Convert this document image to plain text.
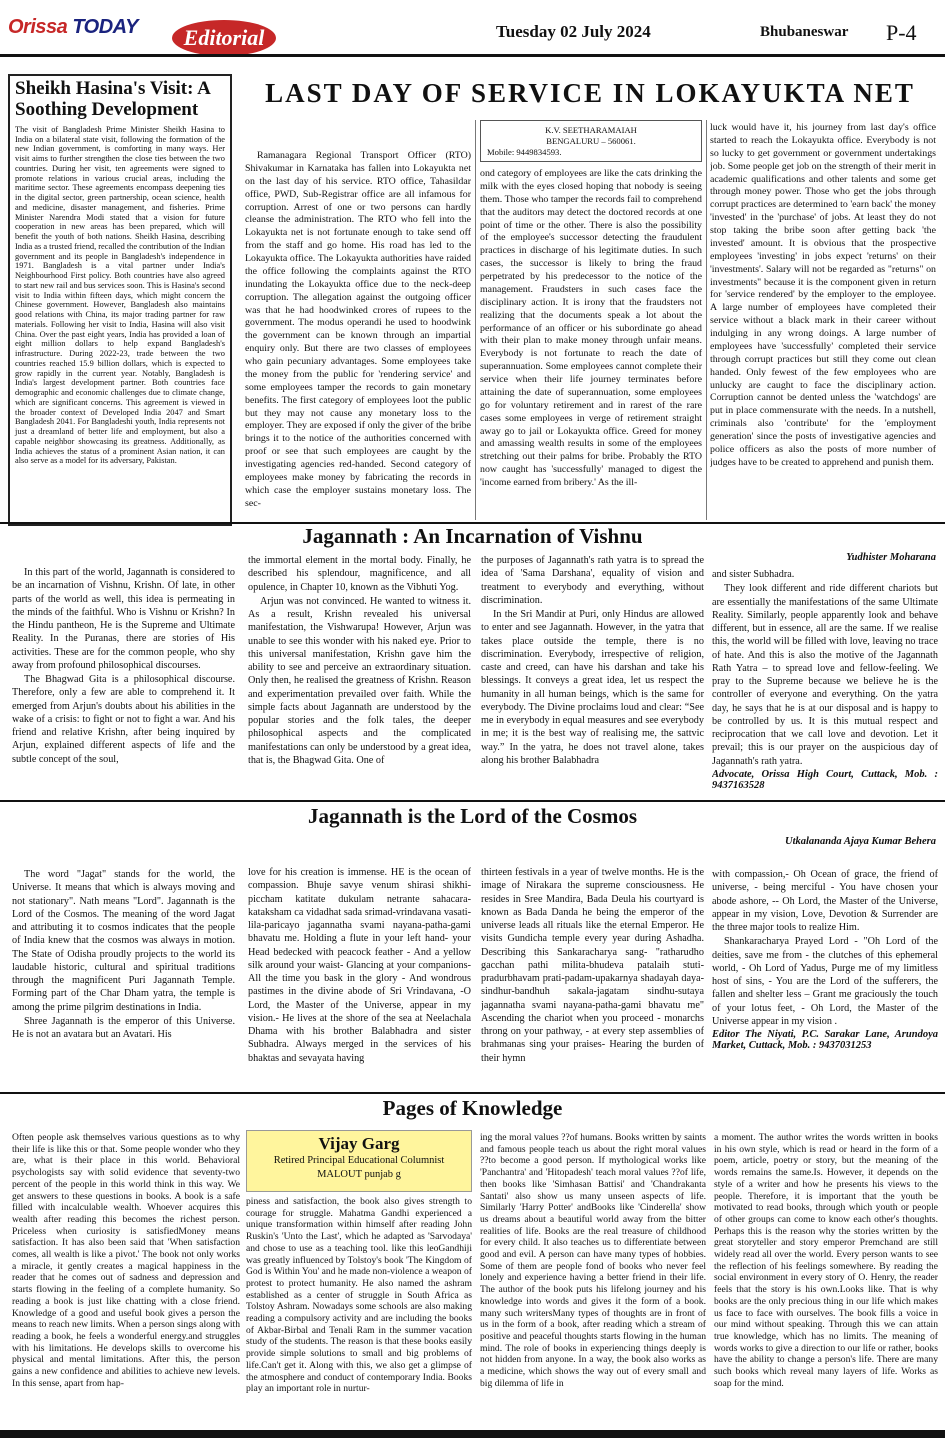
Orissa TODAY	Editorial	Tuesday 02 July 2024	Bhubaneswar P-4
Sheikh Hasina's Visit: A Soothing Development
The visit of Bangladesh Prime Minister Sheikh Hasina to India on a bilateral state visit, following the formation of the new Indian government, is comforting in many ways. Her visit aims to further strengthen the close ties between the two countries. During her visit, ten agreements were signed to promote relations in various crucial areas, including the maritime sector. These agreements encompass deepening ties in the digital sector, green partnership, ocean science, health and medicine, disaster management, and fisheries. Prime Minister Narendra Modi stated that a vision for future cooperation in new areas has been prepared, which will benefit the youth of both nations. Sheikh Hasina, describing India as a trusted friend, recalled the contribution of the Indian government and its people in Bangladesh's independence in 1971. Bangladesh is a vital partner under India's Neighbourhood First policy. Both countries have also agreed to start new rail and bus services soon. This is Hasina's second visit to India within fifteen days, which might concern the Chinese government. However, Bangladesh also maintains good relations with China, its major trading partner for raw materials. Following her visit to India, Hasina will also visit China. Over the past eight years, India has provided a loan of eight million dollars to help expand Bangladesh's infrastructure. During 2022-23, trade between the two countries reached 15.9 billion dollars, which is expected to grow rapidly in the current year. Notably, Bangladesh is India's largest development partner. Both countries face demographic and economic challenges due to climate change, which are significant concerns. This agreement is viewed in the broader context of Developed India 2047 and Smart Bangladesh 2041. For Bangladeshi youth, India represents not just a dreamland of better life and employment, but also a capable neighbor showcasing its greatness. Additionally, as India achieves the status of a prominent Asian nation, it can also serve as a model for its adversary, Pakistan.
LAST DAY OF SERVICE IN LOKAYUKTA NET

Ramanagara Regional Transport Officer (RTO) Shivakumar in Karnataka has fallen into Lokayukta net on the last day of his service. RTO office, Tahasildar office, PWD, Sub-Registrar office are all infamous for corruption. Arrest of one or two persons can hardly cleanse the administration. The RTO who fell into the Lokayukta net is not fortunate enough to take send off from the staff and go home. His road has led to the Lokayukta office. The Lokayukta authorities have raided the office following the complaints against the RTO inundating the Lokayukta office due to the neck-deep corruption. The allegation against the outgoing officer was that he had hoodwinked crores of rupees to the government. The modus operandi he used to hoodwink the government can be known through an impartial enquiry only. But there are two classes of employees who gain pecuniary advantages. Some employees take the money from the public for 'rendering service' and some employees tamper the records to gain monetary benefits. The first category of employees loot the public but they may not cause any monetary loss to the employer. They are exposed if only the giver of the bribe brings it to the notice of the authorities concerned with proof or see that such employees are caught by the investigating agencies red-handed. Second category of employees make money by fabricating the records in which case the employer sustains monetary loss. The sec-

K.V. SEETHARAMAIAH
BENGALURU – 560061.
Mobile: 9449834593.
ond category of employees are like the cats drinking the milk with the eyes closed hoping that nobody is seeing them. Those who tamper the records fail to comprehend that the auditors may detect the doctored records at one point of time or the other. There is also the possibility of the employee's successor detecting the fraudulent practices in discharge of his legitimate duties. In such cases, the successor is likely to bring the fraud perpetrated by his predecessor to the notice of the management. Fraudsters in such cases face the disciplinary action. It is irony that the fraudsters not realizing that the documents speak a lot about the performance of an officer or his subordinate go ahead with their plan to make money through unfair means. Everybody is not fortunate to reach the date of superannuation. Some employees cannot complete their service when their life journey terminates before attaining the date of superannuation, some employees go for voluntary retirement and in rarest of the rare cases some employees in verge of retirement straight away go to jail or Lokayukta office. Greed for money and amassing wealth results in some of the employees stretching out their palms for bribe. Probably the RTO now caught has 'successfully' managed to digest the 'income earned from bribery.' As the ill-
luck would have it, his journey from last day's office started to reach the Lokayukta office. Everybody is not so lucky to get government or government undertakings job. Some people get job on the strength of their merit in academic qualifications and other talents and some get through money power. Those who get the jobs through corrupt practices are determined to 'earn back' the money 'invested' in the 'purchase' of jobs. At least they do not stop taking the bribe soon after getting back 'the invested' amount. It is obvious that the prospective employees 'investing' in jobs expect 'returns' on their 'investments'. Salary will not be regarded as "returns" on investments" because it is the component given in return for 'service rendered' by the employer to the employee. A large number of employees have completed their service without a black mark in their career without indulging in any wrong doings. A large number of employees have 'successfully' completed their service through corrupt practices but still they come out clean handed. Only fewest of the few employees who are unlucky are caught to face the disciplinary action. Corruption cannot be dented unless the 'watchdogs' are put in place commensurate with the needs. In a nutshell, criminals also 'contribute' for the 'employment generation' since the posts of investigative agencies and police officers as also the posts of more number of judges have to be created to apprehend and punish them.
Jagannath : An Incarnation of Vishnu
Yudhister Moharana

In this part of the world, Jagannath is considered to be an incarnation of Vishnu, Krishn. Of late, in other parts of the world as well, this idea is permeating in the minds of the faithful. Who is Vishnu or Krishn? In the Hindu pantheon, He is the Supreme and Ultimate Reality. In the Puranas, there are stories of His activities. These are for the common people, who shy away from profound philosophical discourses.

The Bhagwad Gita is a philosophical discourse. Therefore, only a few are able to comprehend it. It emerged from Arjun's doubts about his abilities in the wake of a crisis: to fight or not to fight a war. And his friend and relative Krishn, after being inquired by Arjun, explained different aspects of life and the subtle concept of the soul,

the immortal element in the mortal body. Finally, he described his splendour, magnificence, and all opulence, in Chapter 10, known as the Vibhuti Yog.

Arjun was not convinced. He wanted to witness it. As a result, Krishn revealed his universal manifestation, the Vishwarupa! However, Arjun was unable to see this wonder with his naked eye. Prior to this universal manifestation, Krishn gave him the ability to see and perceive an extraordinary situation. Only then, he realised the greatness of Krishn. Reason and experimentation prevailed over faith. While the simple facts about Jagannath are understood by the popular stories and the folk tales, the deeper philosophical aspects and the complicated manifestations can only be understood by a great idea, that is, the Bhagwad Gita. One of

the purposes of Jagannath's rath yatra is to spread the idea of 'Sama Darshana', equality of vision and treatment to everybody and everything, without discrimination.

In the Sri Mandir at Puri, only Hindus are allowed to enter and see Jagannath. However, in the yatra that takes place outside the temple, there is no discrimination. Everybody, irrespective of religion, caste and creed, can have his darshan and take his blessings. It conveys a great idea, let us respect the humanity in all human beings, which is the same for everybody. The Divine proclaims loud and clear: “See me in everybody in equal measures and see everybody in me; it is the best way of realising me, the sattvic way.” In the yatra, he does not travel alone, takes along his brother Balabhadra

and sister Subhadra.

They look different and ride different chariots but are essentially the manifestations of the same Ultimate Reality. Similarly, people apparently look and behave different, but in essence, all are the same. If we realise this, the world will be filled with love, leaving no trace of hate. And this is also the motive of the Jagannath Rath Yatra – to spread love and fellow-feeling. We pray to the Supreme because we believe he is the controller of everyone and everything. On the yatra day, he says that he is at our disposal and is happy to be controlled by us. It is this mutual respect and reciprocation that we call love and devotion. Let it prevail; this is our prayer on the auspicious day of Jagannath's rath yatra.

Advocate, Orissa High Court, Cuttack, Mob. : 9437163528
Jagannath is the Lord of the Cosmos
Utkalananda Ajaya Kumar Behera

The word "Jagat" stands for the world, the Universe. It means that which is always moving and not stationary". Nath means "Lord". Jagannath is the Lord of the Cosmos. The meaning of the word Jagat and attributing it to cosmos indicates that the people of India knew that the cosmos was always in motion. The State of Odisha proudly projects to the world its laudable historic, cultural and spiritual traditions through the magnificent Puri Jagannath Temple. Forming part of the Char Dham yatra, the temple is among the prime pilgrim destinations in India.

Shree Jagannath is the emperor of this Universe. He is not an avatara but an Avatari. His

love for his creation is immense. HE is the ocean of compassion. Bhuje savye venum shirasi shikhi-piccham katitate dukulam netrante sahacara-kataksham ca vidadhat sada srimad-vrindavana vasati-lila-paricayo jagannatha svami nayana-patha-gami bhavatu me. Holding a flute in your left hand- your Head bedecked with peacock feather - And a yellow silk around your waist- Glancing at your companions- All the time you bask in the glory - And wondrous pastimes in the divine abode of Sri Vrindavana, -O Lord, the Master of the Universe, appear in my vision.- He lives at the shore of the sea at Neelachala Dhama with his brother Balabhadra and sister Subhadra. Always merged in the services of his bhaktas and sevayata having

thirteen festivals in a year of twelve months. He is the image of Nirakara the supreme consciousness. He resides in Sree Mandira, Bada Deula his courtyard is known as Bada Danda he being the emperor of the universe leads all rituals like the eternal Emperor. He visits Gundicha temple every year during Ashadha. Describing this Sankaracharya sang- "ratharudho gacchan pathi milita-bhudeva patalaih stuti-pradurbhavam prati-padam-upakarnya shadayah daya-sindhur-bandhuh sakala-jagatam sindhu-sutaya jagannatha svami nayana-patha-gami bhavatu me" Ascending the chariot when you proceed - monarchs throng on your pathway, - at every step assemblies of brahmanas sing your praises- Hearing the burden of their hymn

with compassion,- Oh Ocean of grace, the friend of universe, - being merciful - You have chosen your abode ashore, -- Oh Lord, the Master of the Universe, appear in my vision, Love, Devotion & Surrender are the three major tools to realize Him.

Shankaracharya Prayed Lord - "Oh Lord of the deities, save me from - the clutches of this ephemeral world, - Oh Lord of Yadus, Purge me of my limitless host of sins, - You are the Lord of the sufferers, the fallen and shelter less – Grant me graciously the touch of your lotus feet, - Oh Lord, the Master of the Universe appear in my vision .

Editor The Niyati, P.C. Sarakar Lane, Arundoya Market, Cuttack, Mob. : 9437031253
Pages of Knowledge
Often people ask themselves various questions as to why their life is like this or that. Some people wonder who they are, what is their place in this world. Behavioral psychologists say with solid evidence that seventy-two percent of the people in this world think in this way. We get answers to these questions in books. A book is a safe filled with incalculable wealth. Whoever acquires this wealth after reading this becomes the richest person. Priceless when curiosity is satisfiedMoney means satisfaction. It has also been said that 'When satisfaction comes, all wealth is like a pivot.' The book not only works a miracle, it gently creates a magical happiness in the reader that he comes out of sadness and depression and starts flowing in the feeling of a complete humanity. So reading a book is just like chatting with a close friend. Knowledge of a good and useful book gives a person the means to reach new limits. When a person sings along with reading a book, he feels a wonderful energy.and struggles with his limitations. He develops skills to overcome his physical and mental limitations. After this, the person gains a new confidence and abilities to achieve new levels. In this sense, apart from hap-
Vijay Garg
Retired Principal Educational Columnist MALOUT punjab g
piness and satisfaction, the book also gives strength to courage for struggle. Mahatma Gandhi experienced a unique transformation within himself after reading John Ruskin's 'Unto the Last', which he adapted as 'Sarvodaya' and chose to use as a teaching tool. like this leoGandhiji was greatly influenced by Tolstoy's book 'The Kingdom of God is Within You' and he made non-violence a weapon of protest to protect humanity. He also named the ashram established as a center of struggle in South Africa as Tolstoy Ashram. Nowadays some schools are also making reading a compulsory activity and are including the books of Akbar-Birbal and Tenali Ram in the summer vacation study of the students. The reason is that these books easily provide simple solutions to small and big problems of life.Can't get it. Along with this, we also get a glimpse of the atmosphere and conduct of contemporary India. Books play an important role in nurtur-
ing the moral values ??of humans. Books written by saints and famous people teach us about the right moral values ??to become a good person. If mythological works like 'Panchantra' and 'Hitopadesh' teach moral values ??of life, then books like 'Simhasan Battisi' and 'Chandrakanta Santati' also show us many unseen aspects of life. Similarly 'Harry Potter' andBooks like 'Cinderella' show us dreams about a beautiful world away from the bitter realities of life. Books are the real treasure of childhood for every child. It also teaches us to differentiate between good and evil. A person can have many types of hobbies. Some of them are people fond of books who never feel lonely and experience having a better friend in their life. The author of the book puts his lifelong journey and his knowledge into words and gives it the form of a book. many such writersMany types of thoughts are in front of us in the form of a book, after reading which a stream of positive and peaceful thoughts starts flowing in the human mind. The role of books in experiencing things deeply is not hidden from anyone. In a way, the book also works as a medicine, which shows the way out of every small and big dilemma of life in
a moment. The author writes the words written in books in his own style, which is read or heard in the form of a poem, article, poetry or story, but the meaning of the words remains the same.Is. However, it depends on the style of a writer and how he presents his views to the people. Therefore, it is important that the youth be motivated to read books, through which youth or people of other groups can come to know each other's thoughts. Perhaps this is the reason why the stories written by the great storyteller and story emperor Premchand are still widely read all over the world. Every person wants to see the reflection of his feelings somewhere. By reading the social environment in every story of O. Henry, the reader feels that the story is his own.Looks like. That is why books are the only precious thing in our life which makes us face to face with ourselves. The book fills a voice in our mind without speaking. Through this we can attain true knowledge, which has no limits. The meaning of words works to give a direction to our life or rather, books have the ability to change a person's life. There are many such books which reveal many layers of life. Works as soap for the mind.
